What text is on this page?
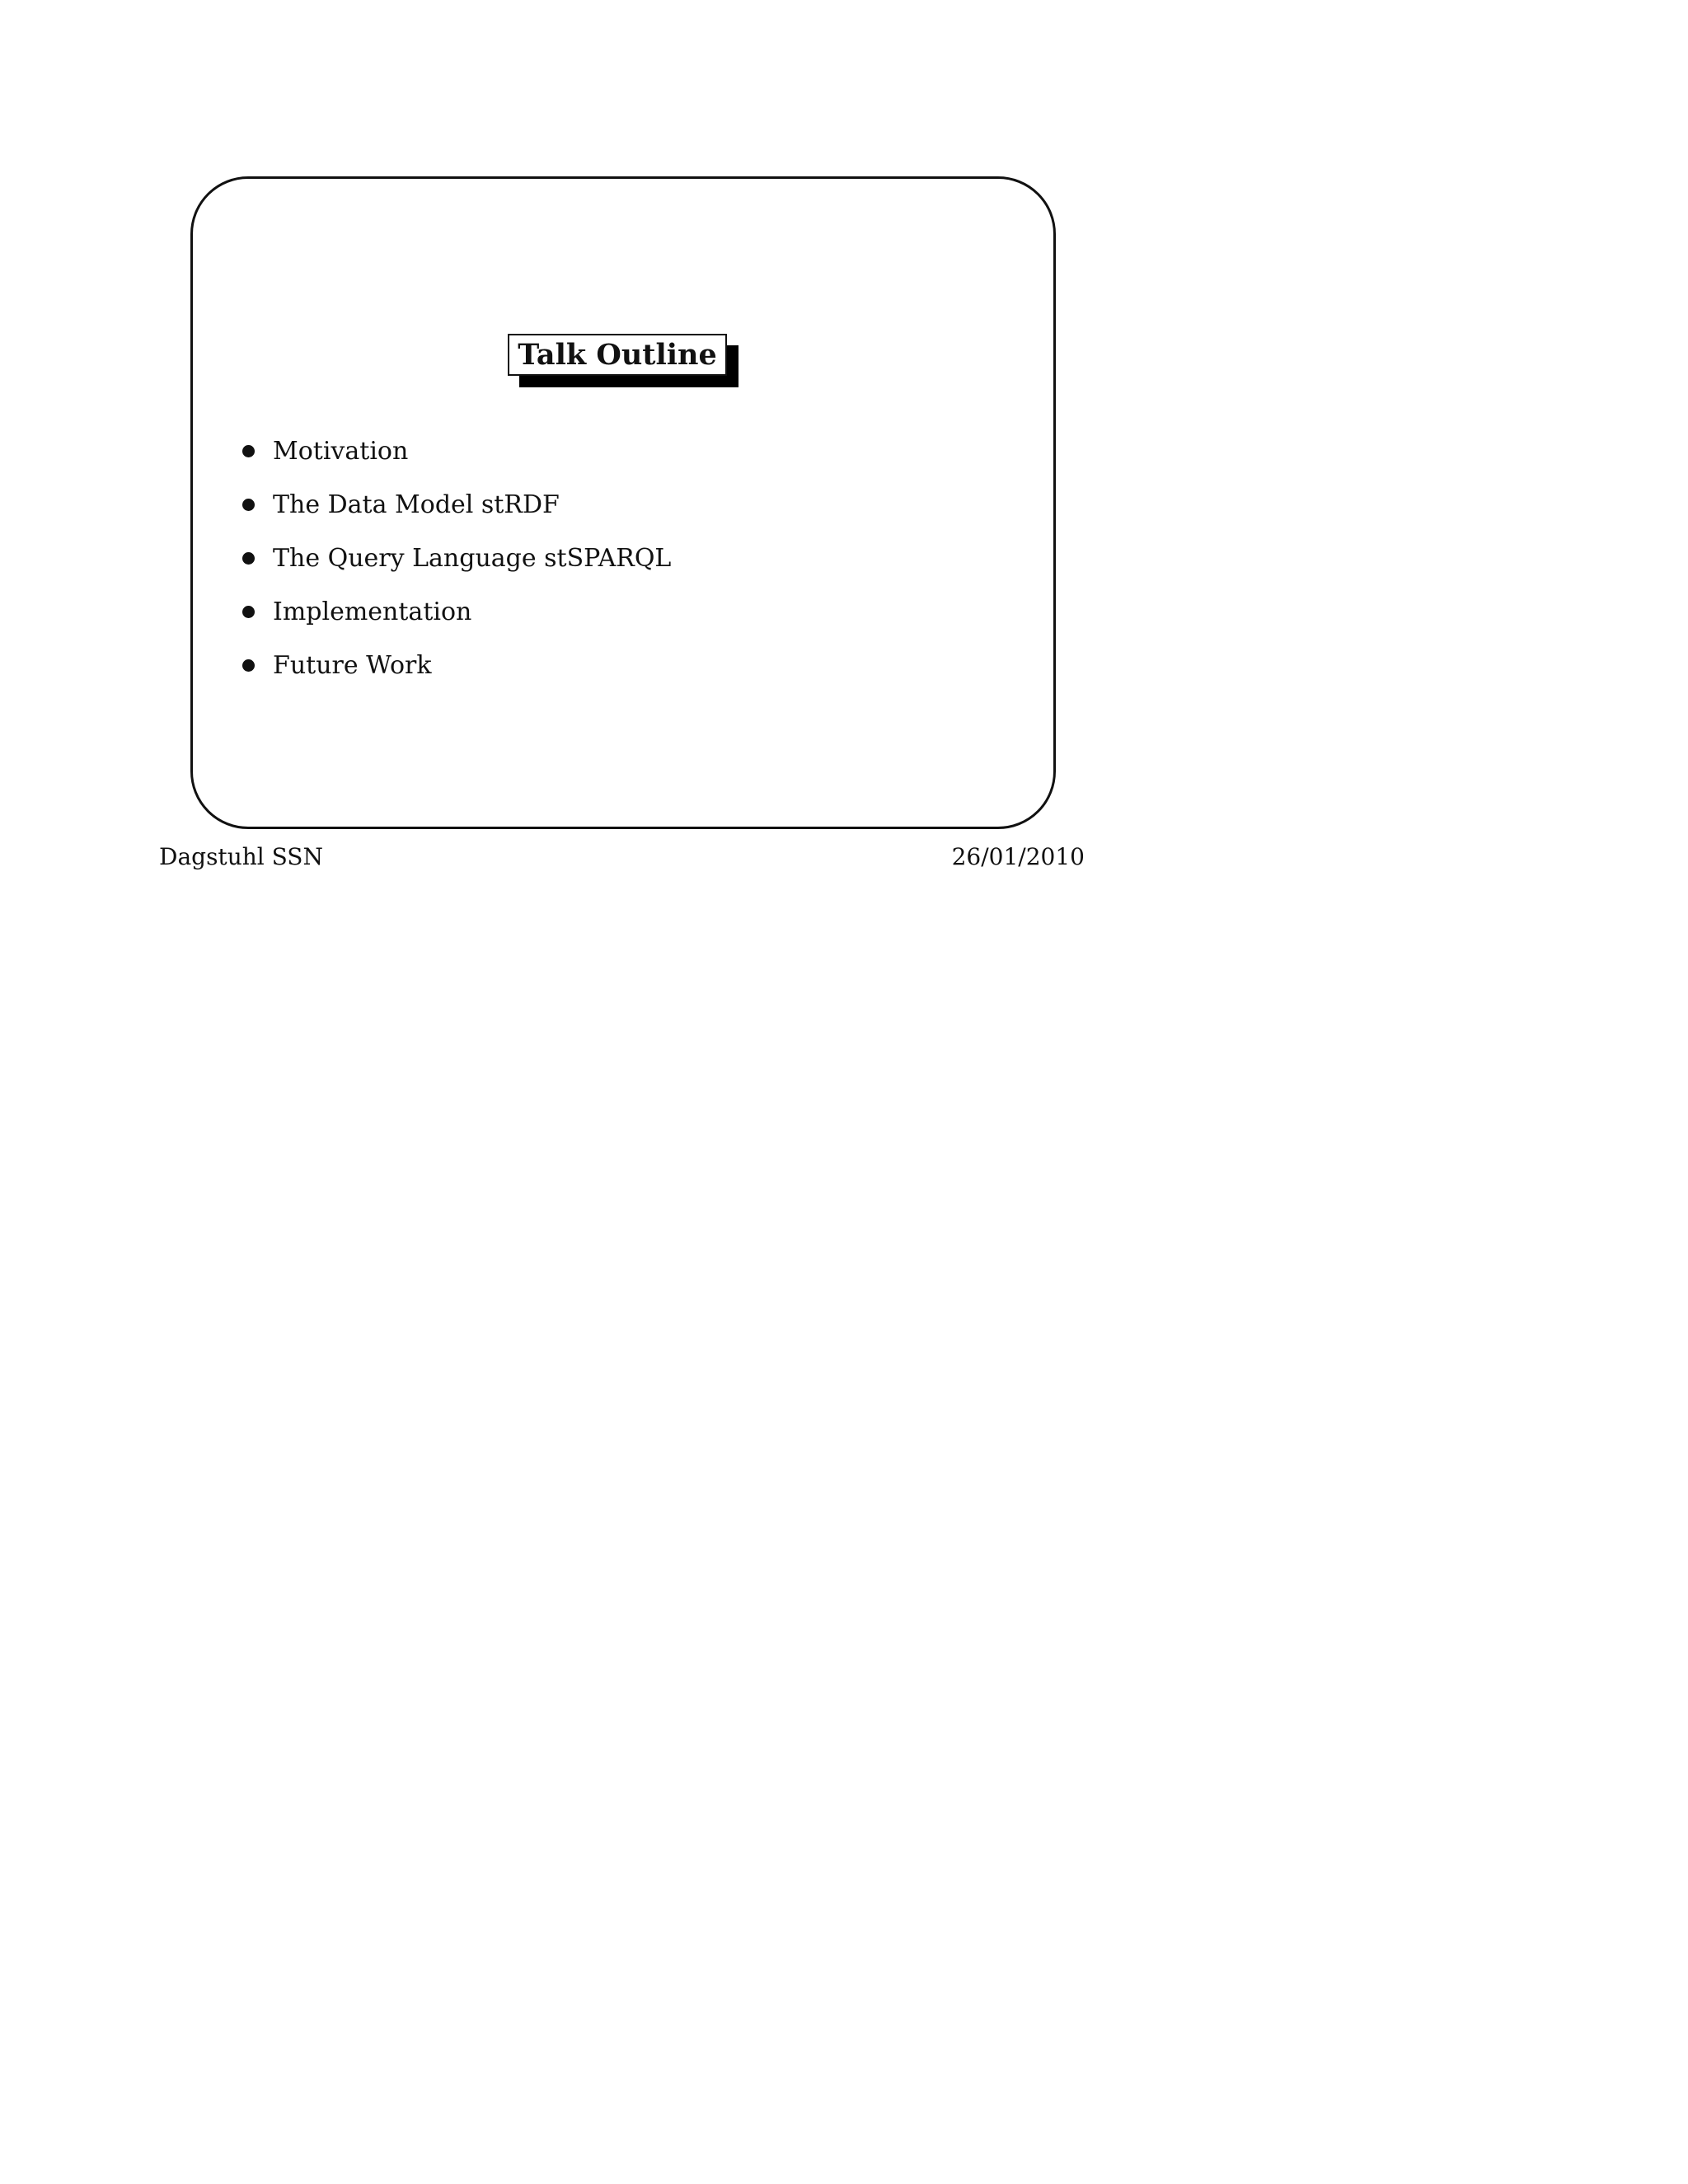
Talk Outline
Motivation
The Data Model stRDF
The Query Language stSPARQL
Implementation
Future Work
Dagstuhl SSN	26/01/2010
